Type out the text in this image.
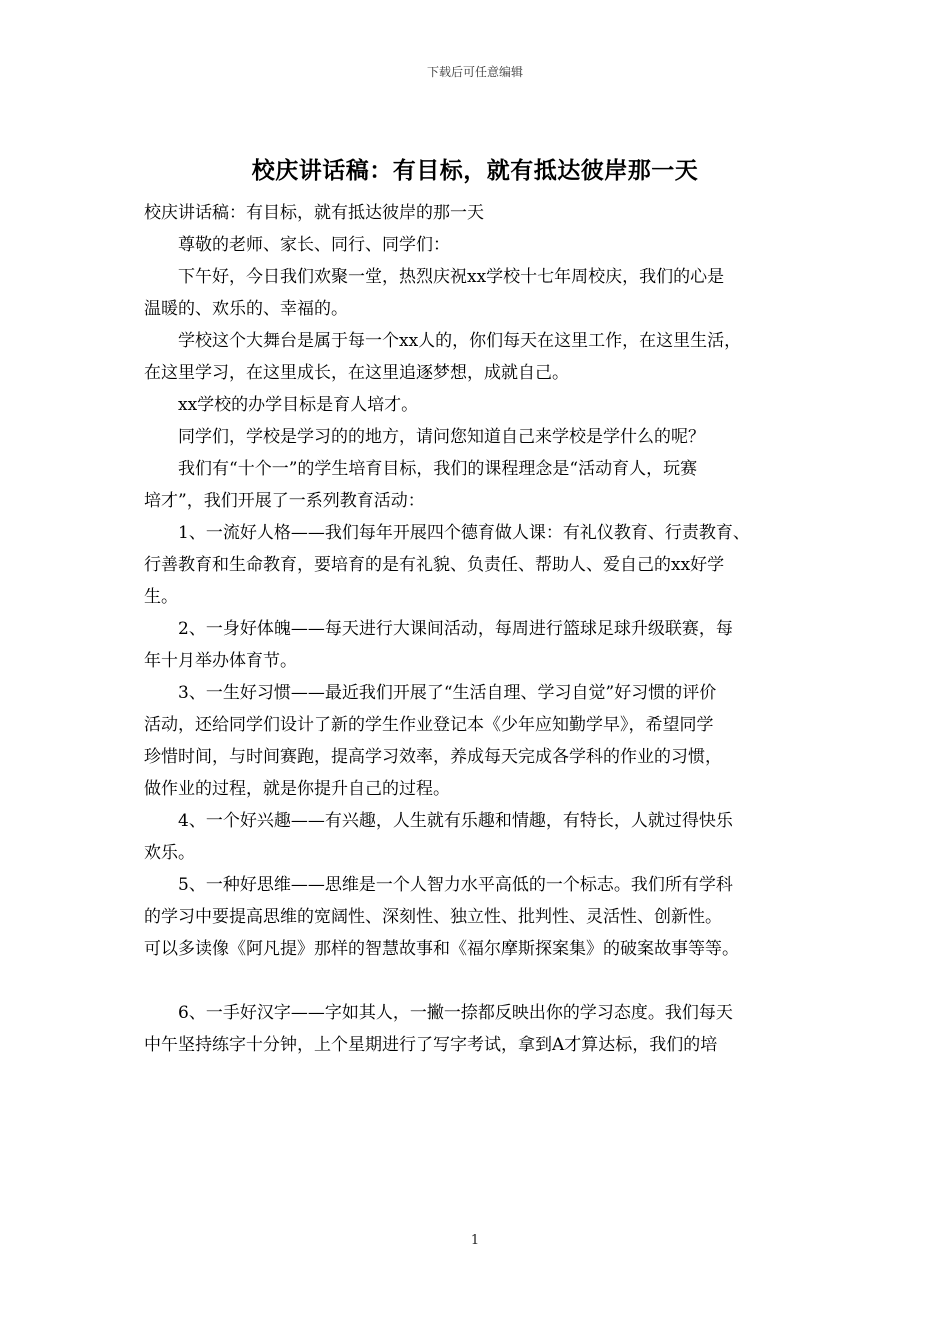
下载后可任意编辑
校庆讲话稿：有目标，就有抵达彼岸那一天

校庆讲话稿：有目标，就有抵达彼岸的那一天

尊敬的老师、家长、同行、同学们：

下午好，今日我们欢聚一堂，热烈庆祝xx学校十七年周校庆，我们的心是
温暖的、欢乐的、幸福的。

学校这个大舞台是属于每一个xx人的，你们每天在这里工作，在这里生活，
在这里学习，在这里成长，在这里追逐梦想，成就自己。

xx学校的办学目标是育人培才。

同学们，学校是学习的的地方，请问您知道自己来学校是学什么的呢？

我们有“十个一”的学生培育目标，我们的课程理念是“活动育人，玩赛
培才”，我们开展了一系列教育活动：

1、一流好人格——我们每年开展四个德育做人课：有礼仪教育、行责教育、
行善教育和生命教育，要培育的是有礼貌、负责任、帮助人、爱自己的xx好学
生。

2、一身好体魄——每天进行大课间活动，每周进行篮球足球升级联赛，每
年十月举办体育节。

3、一生好习惯——最近我们开展了“生活自理、学习自觉”好习惯的评价
活动，还给同学们设计了新的学生作业登记本《少年应知勤学早》，希望同学
珍惜时间，与时间赛跑，提高学习效率，养成每天完成各学科的作业的习惯，
做作业的过程，就是你提升自己的过程。

4、一个好兴趣——有兴趣，人生就有乐趣和情趣，有特长，人就过得快乐
欢乐。

5、一种好思维——思维是一个人智力水平高低的一个标志。我们所有学科
的学习中要提高思维的宽阔性、深刻性、独立性、批判性、灵活性、创新性。
可以多读像《阿凡提》那样的智慧故事和《福尔摩斯探案集》的破案故事等等。

6、一手好汉字——字如其人，一撇一捺都反映出你的学习态度。我们每天
中午坚持练字十分钟，上个星期进行了写字考试，拿到A才算达标，我们的培

1
